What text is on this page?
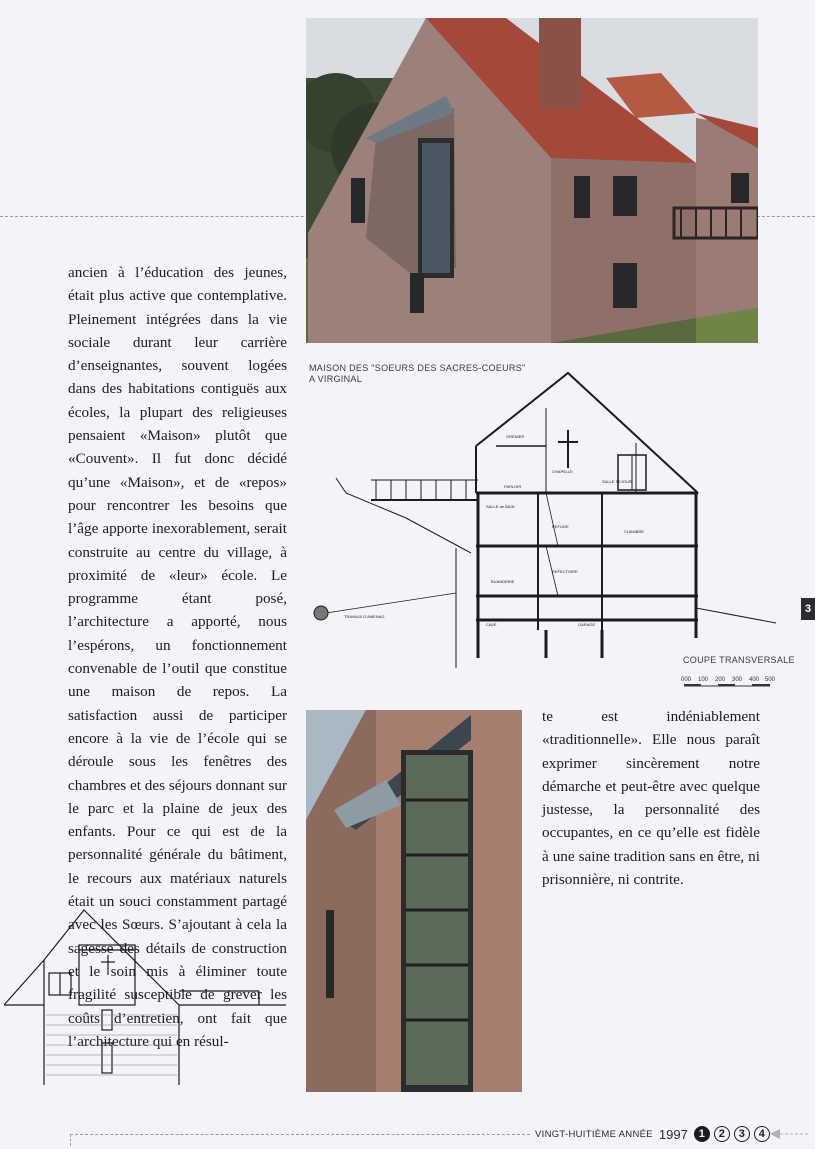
ancien à l’éducation des jeunes, était plus active que contemplative. Pleinement intégrées dans la vie sociale durant leur carrière d’enseignantes, souvent logées dans des habitations contiguës aux écoles, la plupart des religieuses pensaient «Maison» plutôt que «Couvent». Il fut donc décidé qu’une «Maison», et de «repos» pour rencontrer les besoins que l’âge apporte inexorablement, serait construite au centre du village, à proximité de «leur» école. Le programme étant posé, l’architecture a apporté, nous l’espérons, un fonctionnement convenable de l’outil que constitue une maison de repos. La satisfaction aussi de participer encore à la vie de l’école qui se déroule sous les fenêtres des chambres et des séjours donnant sur le parc et la plaine de jeux des enfants. Pour ce qui est de la personnalité générale du bâtiment, le recours aux matériaux naturels était un souci constamment partagé avec les Sœurs. S’ajoutant à cela la sagesse des détails de construction et le soin mis à éliminer toute fragilité susceptible de grever les coûts d’entretien, ont fait que l’architecture qui en résul-

MAISON DES "SOEURS DES SACRES-COEURS"
A VIRGINAL
GRENIER
CHAPELLE
SALLE SEJOUR
PARLOIR
SALLE de BAIN
REFUGE
CHAMBRE
BUANDERIE
REFECTOIRE
CAVE	GARAGE
TRAVAUX D'AMENAG.
COUPE TRANSVERSALE
000 100 200 300 400 500
3

te est indéniablement «traditionnelle». Elle nous paraît exprimer sincèrement notre démarche et peut-être avec quelque justesse, la personnalité des occupantes, en ce qu’elle est fidèle à une saine tradition sans en être, ni prisonnière, ni contrite.

VINGT-HUITIÈME ANNÉE 1997 1	2	3	4
